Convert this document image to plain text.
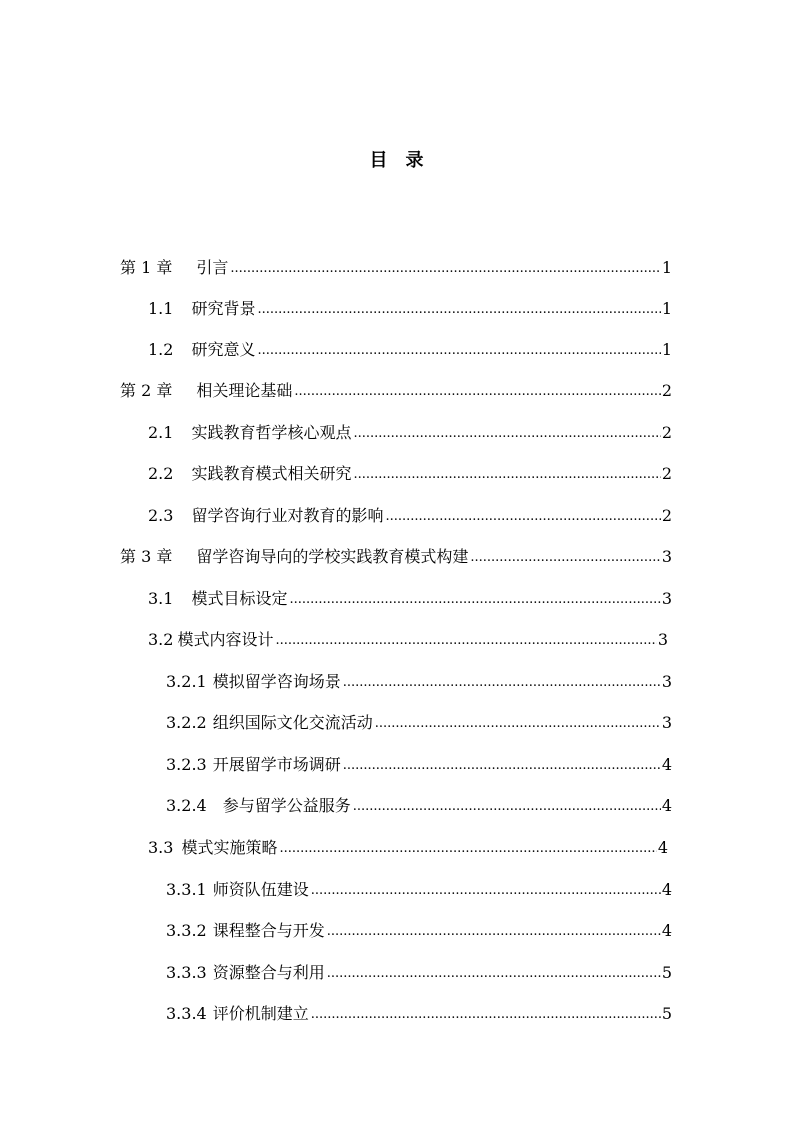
目 录
第 1 章 引言 .....	1
1.1 研究背景 .....	1
1.2 研究意义 .....	1
第 2 章 相关理论基础 .....	2
2.1 实践教育哲学核心观点 .....	2
2.2 实践教育模式相关研究 .....	2
2.3 留学咨询行业对教育的影响 .....	2
第 3 章 留学咨询导向的学校实践教育模式构建 .....	3
3.1 模式目标设定 .....	3
3.2 模式内容设计 .....	3
3.2.1 模拟留学咨询场景 .....	3
3.2.2 组织国际文化交流活动 .....	3
3.2.3 开展留学市场调研 .....	4
3.2.4 参与留学公益服务 .....	4
3.3 模式实施策略 .....	4
3.3.1 师资队伍建设 .....	4
3.3.2 课程整合与开发 .....	4
3.3.3 资源整合与利用 .....	5
3.3.4 评价机制建立 .....	5
